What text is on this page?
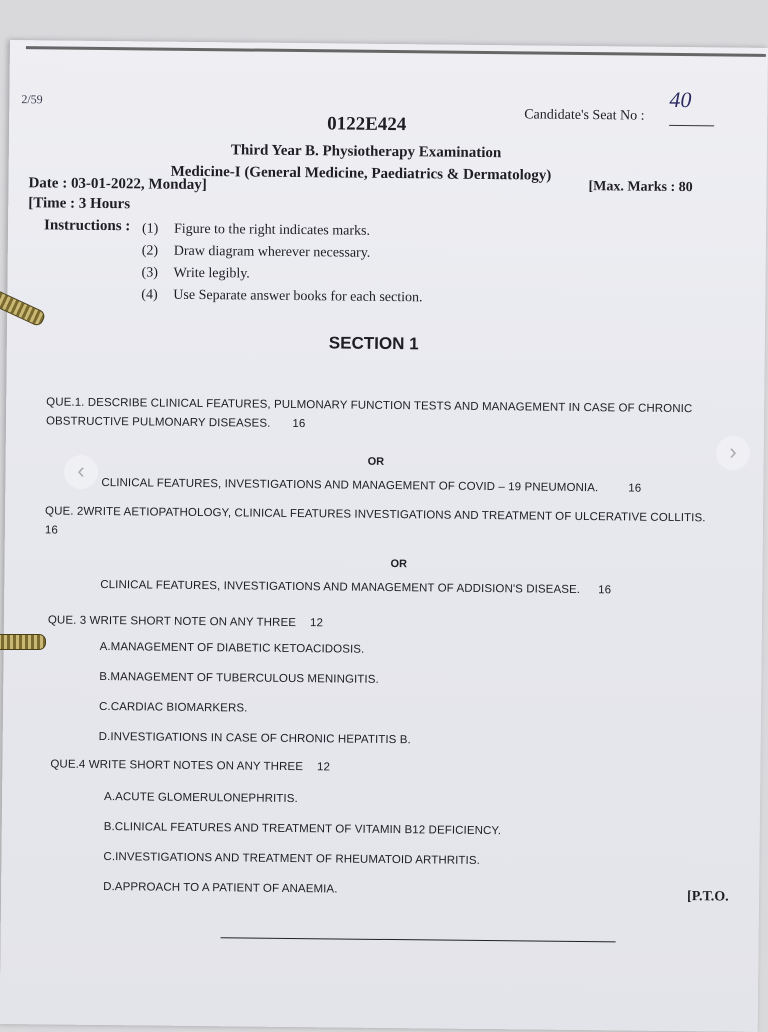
2/59
0122E424	Candidate's Seat No :
40
Third Year B. Physiotherapy Examination
Medicine-I (General Medicine, Paediatrics & Dermatology)
Date : 03-01-2022, Monday]	[Max. Marks : 80
[Time : 3 Hours
Instructions : (1) Figure to the right indicates marks.
(2) Draw diagram wherever necessary.
(3) Write legibly.
(4) Use Separate answer books for each section.
SECTION 1
QUE.1. DESCRIBE CLINICAL FEATURES, PULMONARY FUNCTION TESTS AND MANAGEMENT IN CASE OF CHRONIC
OBSTRUCTIVE PULMONARY DISEASES. 16
OR
CLINICAL FEATURES, INVESTIGATIONS AND MANAGEMENT OF COVID – 19 PNEUMONIA.	16
QUE. 2WRITE AETIOPATHOLOGY, CLINICAL FEATURES INVESTIGATIONS AND TREATMENT OF ULCERATIVE COLLITIS.
16
OR
CLINICAL FEATURES, INVESTIGATIONS AND MANAGEMENT OF ADDISION'S DISEASE. 16
QUE. 3 WRITE SHORT NOTE ON ANY THREE 12
A.MANAGEMENT OF DIABETIC KETOACIDOSIS.
B.MANAGEMENT OF TUBERCULOUS MENINGITIS.
C.CARDIAC BIOMARKERS.
D.INVESTIGATIONS IN CASE OF CHRONIC HEPATITIS B.
QUE.4 WRITE SHORT NOTES ON ANY THREE 12
A.ACUTE GLOMERULONEPHRITIS.
B.CLINICAL FEATURES AND TREATMENT OF VITAMIN B12 DEFICIENCY.
C.INVESTIGATIONS AND TREATMENT OF RHEUMATOID ARTHRITIS.
D.APPROACH TO A PATIENT OF ANAEMIA.
[P.T.O.
‹
›
